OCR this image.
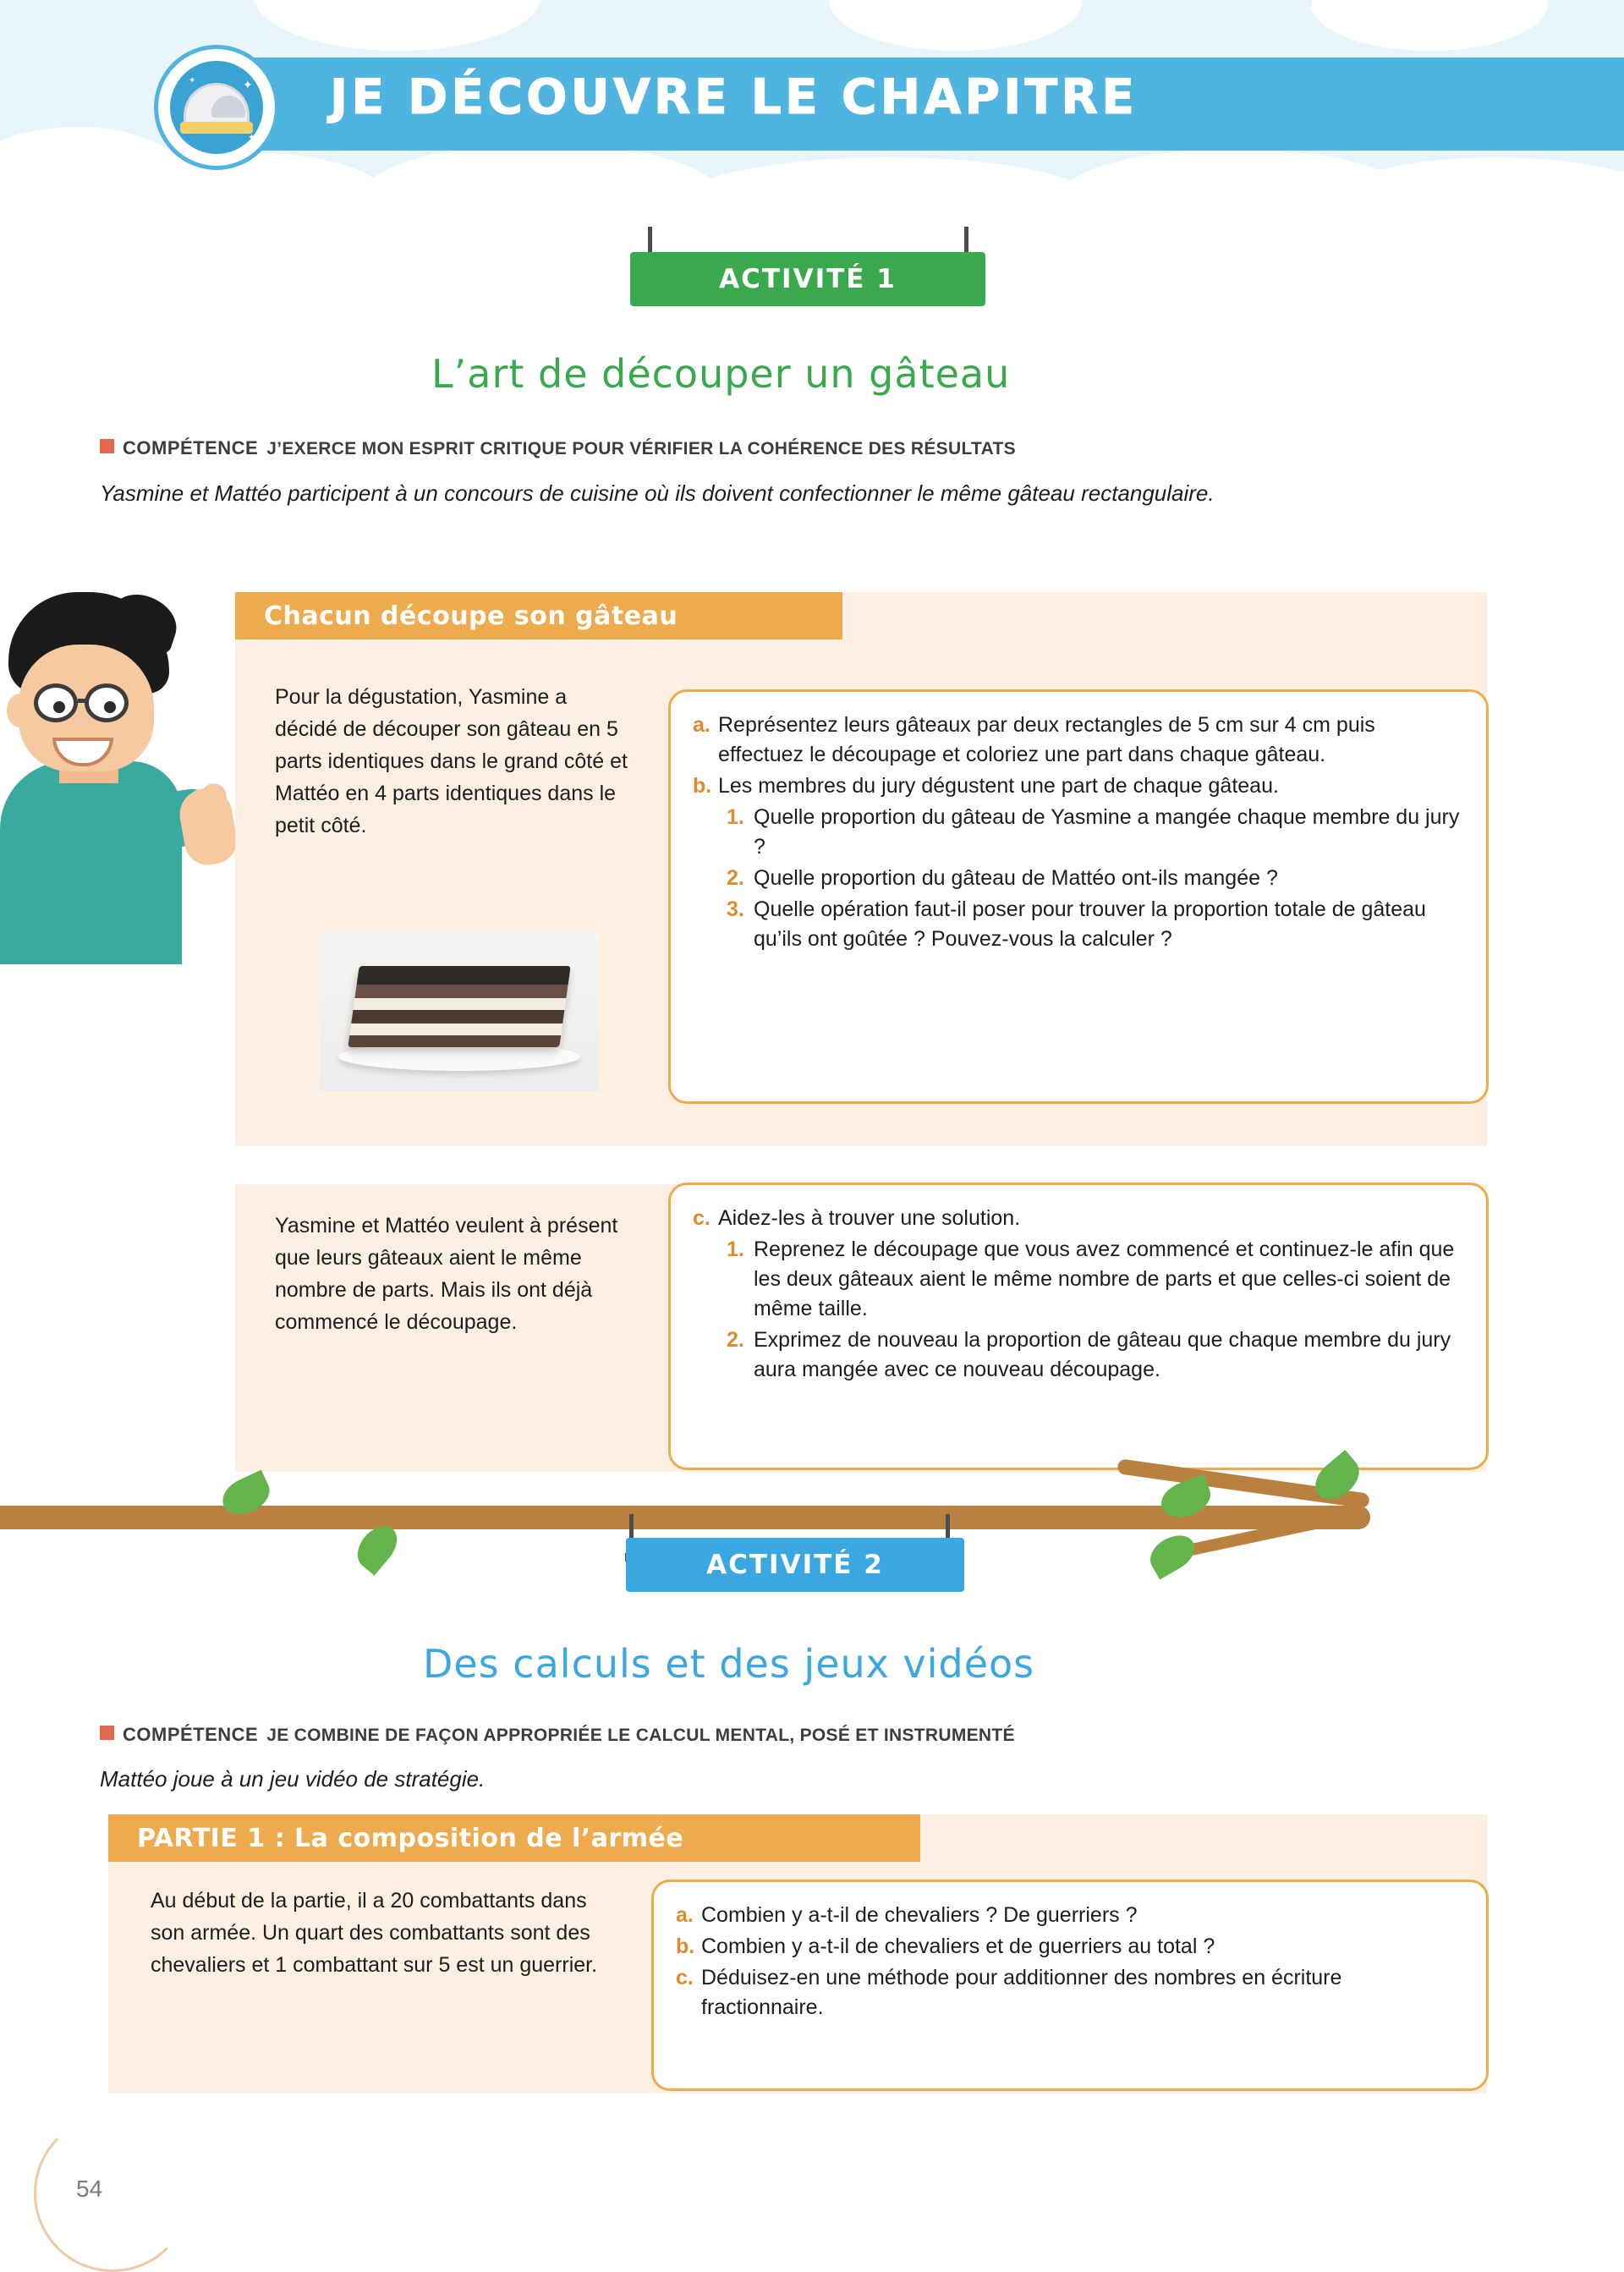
JE DÉCOUVRE LE CHAPITRE
✦
✦
✦
ACTIVITÉ 1
L’art de découper un gâteau
COMPÉTENCE J’EXERCE MON ESPRIT CRITIQUE POUR VÉRIFIER LA COHÉRENCE DES RÉSULTATS
Yasmine et Mattéo participent à un concours de cuisine où ils doivent confectionner le même gâteau rectangulaire.
Chacun découpe son gâteau
Pour la dégustation, Yasmine a décidé de découper son gâteau en 5 parts identiques dans le grand côté et Mattéo en 4 parts identiques dans le petit côté.
a. Représentez leurs gâteaux par deux rectangles de 5 cm sur 4 cm puis effectuez le découpage et coloriez une part dans chaque gâteau.
b. Les membres du jury dégustent une part de chaque gâteau.
1. Quelle proportion du gâteau de Yasmine a mangée chaque membre du jury ?
2. Quelle proportion du gâteau de Mattéo ont-ils mangée ?
3. Quelle opération faut-il poser pour trouver la proportion totale de gâteau qu’ils ont goûtée ? Pouvez-vous la calculer ?
Yasmine et Mattéo veulent à présent que leurs gâteaux aient le même nombre de parts. Mais ils ont déjà commencé le découpage.
c. Aidez-les à trouver une solution.
1. Reprenez le découpage que vous avez commencé et continuez-le afin que les deux gâteaux aient le même nombre de parts et que celles-ci soient de même taille.
2. Exprimez de nouveau la proportion de gâteau que chaque membre du jury aura mangée avec ce nouveau découpage.
ACTIVITÉ 2
Des calculs et des jeux vidéos
COMPÉTENCE JE COMBINE DE FAÇON APPROPRIÉE LE CALCUL MENTAL, POSÉ ET INSTRUMENTÉ
Mattéo joue à un jeu vidéo de stratégie.
PARTIE 1 : La composition de l’armée
Au début de la partie, il a 20 combattants dans son armée. Un quart des combattants sont des chevaliers et 1 combattant sur 5 est un guerrier.
a. Combien y a-t-il de chevaliers ? De guerriers ?
b. Combien y a-t-il de chevaliers et de guerriers au total ?
c. Déduisez-en une méthode pour additionner des nombres en écriture fractionnaire.
54
